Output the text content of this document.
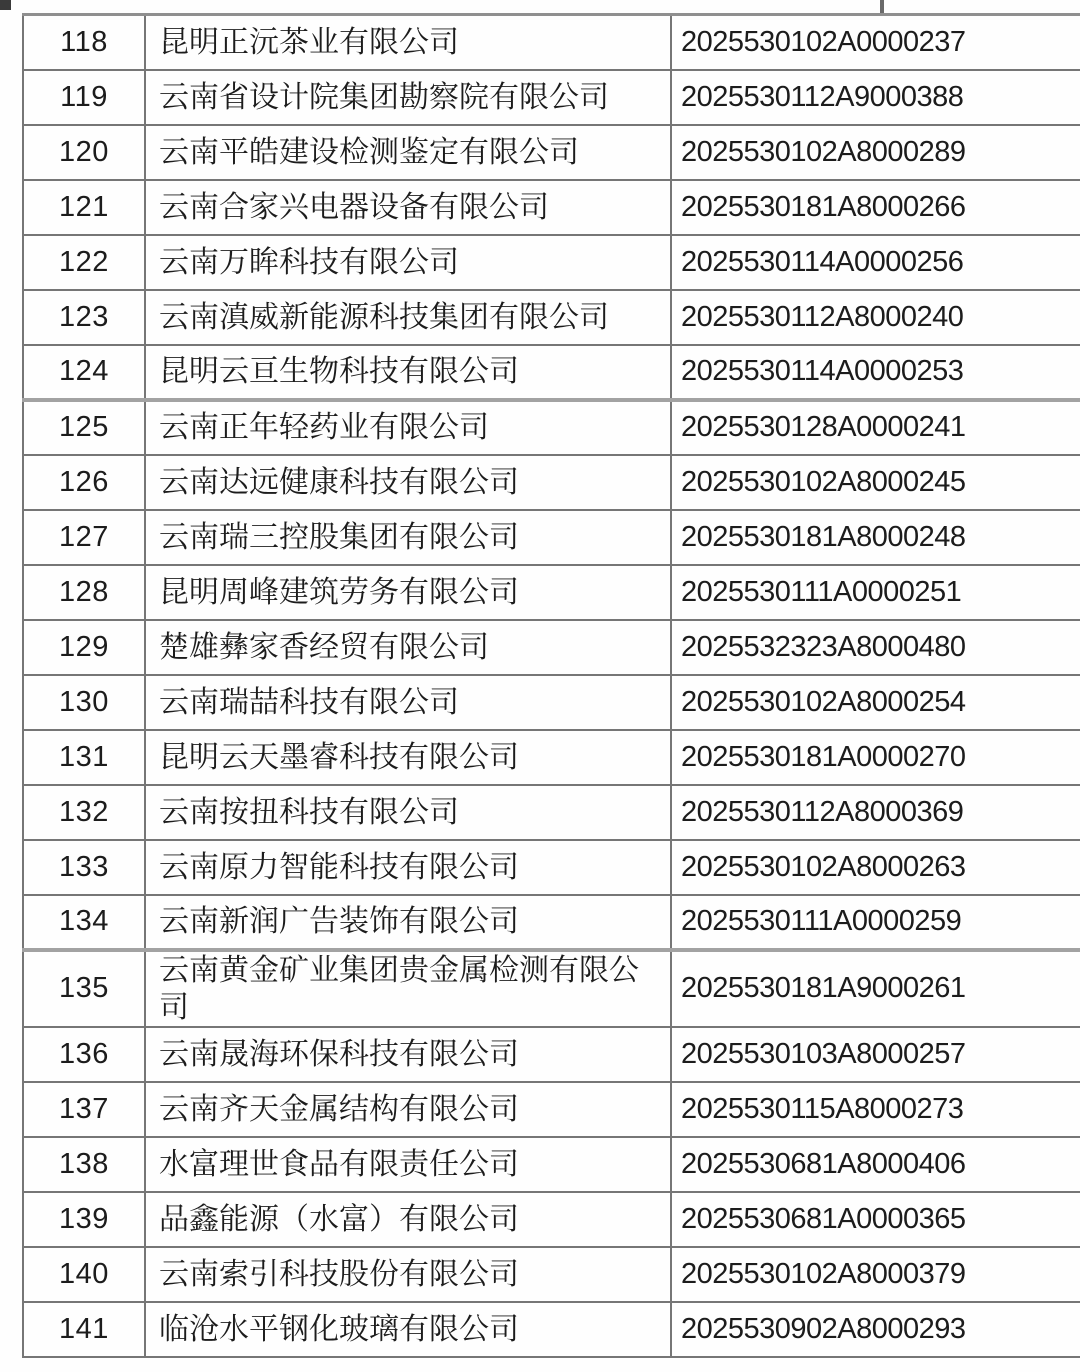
118	昆明正沅茶业有限公司	2025530102A0000237
119	云南省设计院集团勘察院有限公司	2025530112A9000388
120	云南平皓建设检测鉴定有限公司	2025530102A8000289
121	云南合家兴电器设备有限公司	2025530181A8000266
122	云南万眸科技有限公司	2025530114A0000256
123	云南滇威新能源科技集团有限公司	2025530112A8000240
124	昆明云亘生物科技有限公司	2025530114A0000253
125	云南正年轻药业有限公司	2025530128A0000241
126	云南达远健康科技有限公司	2025530102A8000245
127	云南瑞三控股集团有限公司	2025530181A8000248
128	昆明周峰建筑劳务有限公司	2025530111A0000251
129	楚雄彝家香经贸有限公司	2025532323A8000480
130	云南瑞喆科技有限公司	2025530102A8000254
131	昆明云天墨睿科技有限公司	2025530181A0000270
132	云南按扭科技有限公司	2025530112A8000369
133	云南原力智能科技有限公司	2025530102A8000263
134	云南新润广告装饰有限公司	2025530111A0000259
135	云南黄金矿业集团贵金属检测有限公司	2025530181A9000261
136	云南晟海环保科技有限公司	2025530103A8000257
137	云南齐天金属结构有限公司	2025530115A8000273
138	水富理世食品有限责任公司	2025530681A8000406
139	品鑫能源（水富）有限公司	2025530681A0000365
140	云南索引科技股份有限公司	2025530102A8000379
141	临沧水平钢化玻璃有限公司	2025530902A8000293
